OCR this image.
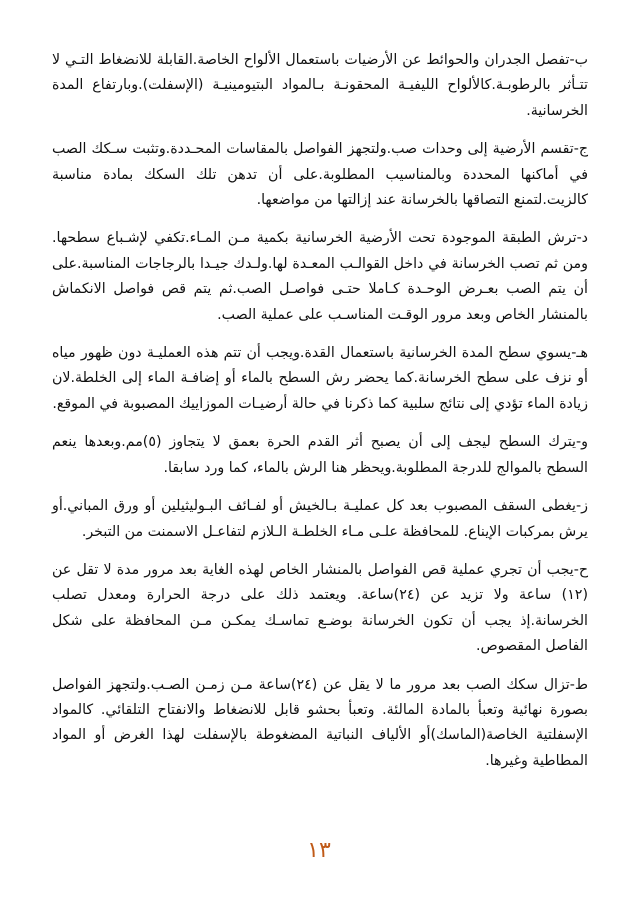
ب-تفصل الجدران والحوائط عن الأرضيات باستعمال الألواح الخاصة.القابلة للانضغاط التـي لا تتـأثر بالرطوبـة.كالألواح الليفيـة المحقونـة بـالمواد البتيومينيـة (الإسفلت).وبارتفاع المدة الخرسانية.

ج-تقسم الأرضية إلى وحدات صب.ولتجهز الفواصل بالمقاسات المحـددة.وتثبت سـكك الصب في أماكنها المحددة وبالمناسيب المطلوبة.على أن تدهن تلك السكك بمادة مناسبة كالزيت.لتمنع التصاقها بالخرسانة عند إزالتها من مواضعها.

د-ترش الطبقة الموجودة تحت الأرضية الخرسانية بكمية مـن المـاء.تكفي لإشـباع سطحها. ومن ثم تصب الخرسانة في داخل القوالـب المعـدة لها.ولـدك جيـدا بالرجاجات المناسبة.على أن يتم الصب بعـرض الوحـدة كـاملا حتـى فواصـل الصب.ثم يتم قص فواصل الانكماش بالمنشار الخاص وبعد مرور الوقـت المناسـب على عملية الصب.

هـ-يسوي سطح المدة الخرسانية باستعمال القدة.ويجب أن تتم هذه العمليـة دون ظهور مياه أو نزف على سطح الخرسانة.كما يحضر رش السطح بالماء أو إضافـة الماء إلى الخلطة.لان زيادة الماء تؤدي إلى نتائج سلبية كما ذكرنا في حالة أرضيـات الموزاييك المصبوبة في الموقع.

و-يترك السطح ليجف إلى أن يصبح أثر القدم الحرة بعمق لا يتجاوز (٥)مم.وبعدها ينعم السطح بالموالج للدرجة المطلوبة.ويحظر هنا الرش بالماء، كما ورد سابقا.

ز-يغطى السقف المصبوب بعد كل عمليـة بـالخيش أو لفـائف البـوليثيلين أو ورق المباني.أو يرش بمركبات الإيناع. للمحافظة علـى مـاء الخلطـة الـلازم لتفاعـل الاسمنت من التبخر.

ح-يجب أن تجري عملية قص الفواصل بالمنشار الخاص لهذه الغاية بعد مرور مدة لا تقل عن (١٢) ساعة ولا تزيد عن (٢٤)ساعة. ويعتمد ذلك على درجة الحرارة ومعدل تصلب الخرسانة.إذ يجب أن تكون الخرسانة بوضـع تماسـك يمكـن مـن المحافظة على شكل الفاصل المقصوص.

ط-تزال سكك الصب بعد مرور ما لا يقل عن (٢٤)ساعة مـن زمـن الصـب.ولتجهز الفواصل بصورة نهائية وتعبأ بالمادة المالئة. وتعبأ بحشو قابل للانضغاط والانفتاح التلقائي. كالمواد الإسفلتية الخاصة(الماسك)أو الألياف النباتية المضغوطة بالإسفلت لهذا الغرض أو المواد المطاطية وغيرها.

١٣
